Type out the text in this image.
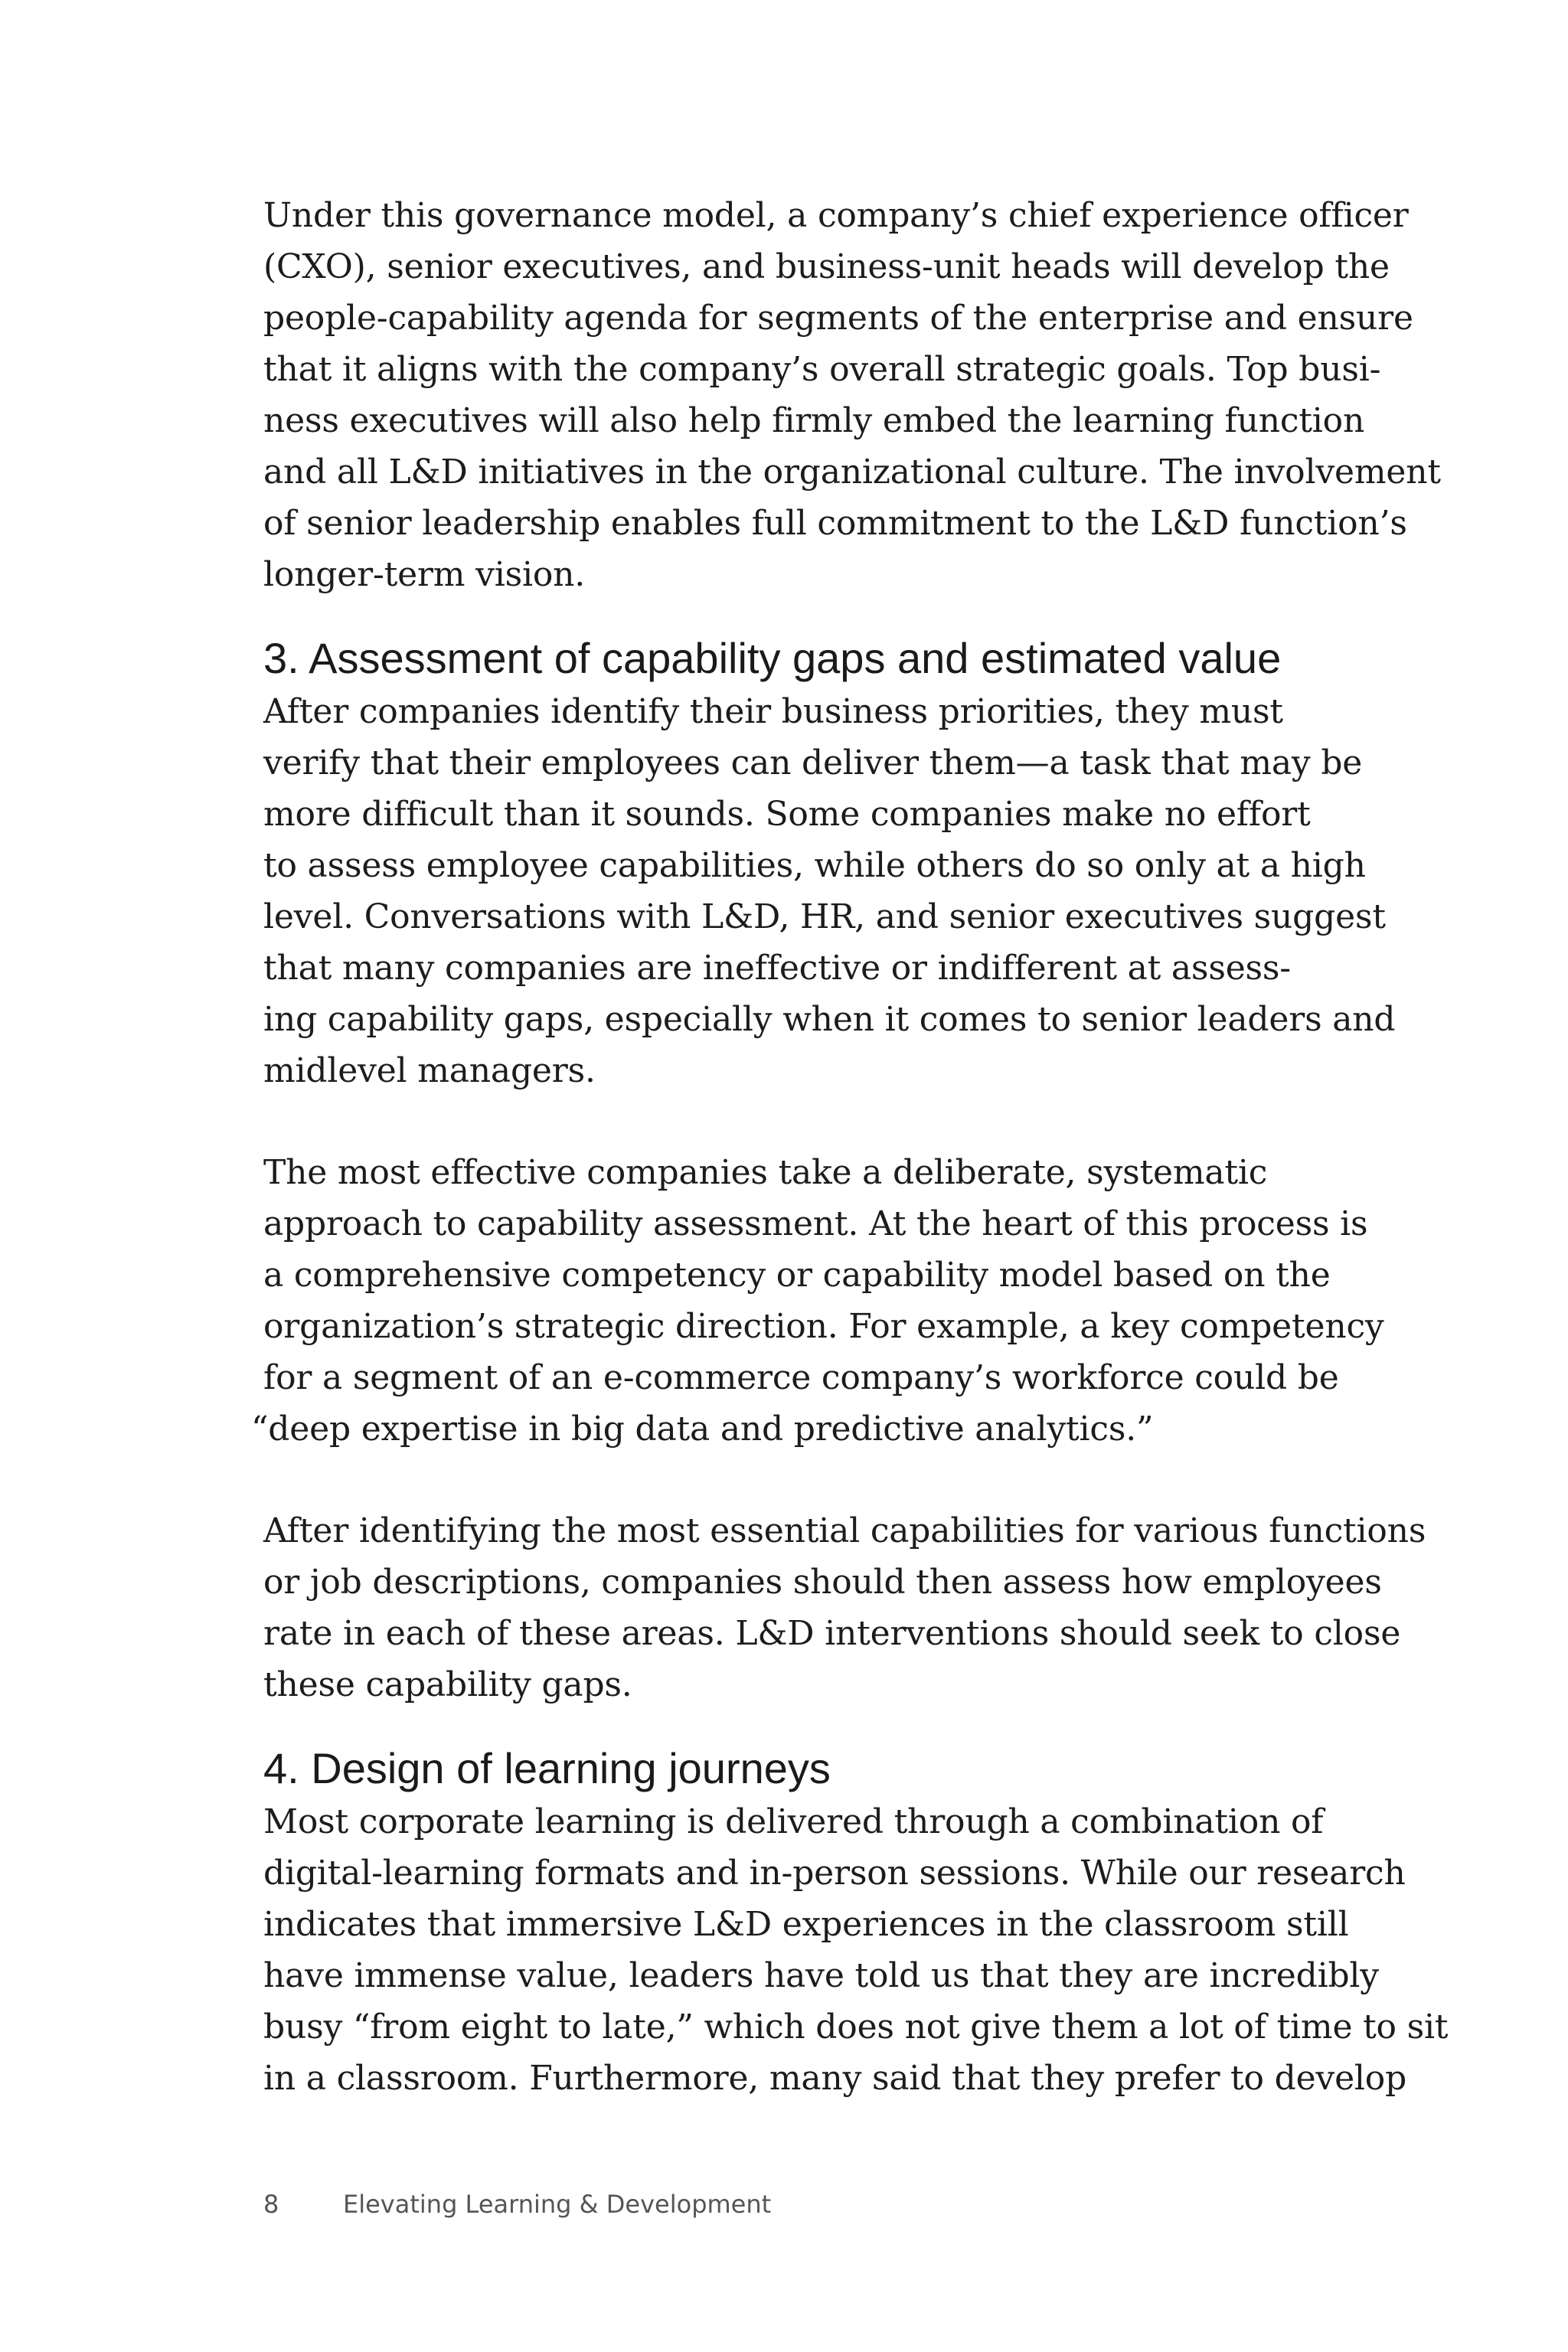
Under this governance model, a company’s chief experience officer
(CXO), senior executives, and business-unit heads will develop the
people-capability agenda for segments of the enterprise and ensure
that it aligns with the company’s overall strategic goals. Top busi-
ness executives will also help firmly embed the learning function
and all L&D initiatives in the organizational culture. The involvement
of senior leadership enables full commitment to the L&D function’s
longer-term vision.

3. Assessment of capability gaps and estimated value

After companies identify their business priorities, they must
verify that their employees can deliver them—a task that may be
more difficult than it sounds. Some companies make no effort
to assess employee capabilities, while others do so only at a high
level. Conversations with L&D, HR, and senior executives suggest
that many companies are ineffective or indifferent at assess-
ing capability gaps, especially when it comes to senior leaders and
midlevel managers.

The most effective companies take a deliberate, systematic
approach to capability assessment. At the heart of this process is
a comprehensive competency or capability model based on the
organization’s strategic direction. For example, a key competency
for a segment of an e-commerce company’s workforce could be
“deep expertise in big data and predictive analytics.”

After identifying the most essential capabilities for various functions
or job descriptions, companies should then assess how employees
rate in each of these areas. L&D interventions should seek to close
these capability gaps.

4. Design of learning journeys

Most corporate learning is delivered through a combination of
digital-learning formats and in-person sessions. While our research
indicates that immersive L&D experiences in the classroom still
have immense value, leaders have told us that they are incredibly
busy “from eight to late,” which does not give them a lot of time to sit
in a classroom. Furthermore, many said that they prefer to develop

8	Elevating Learning & Development
